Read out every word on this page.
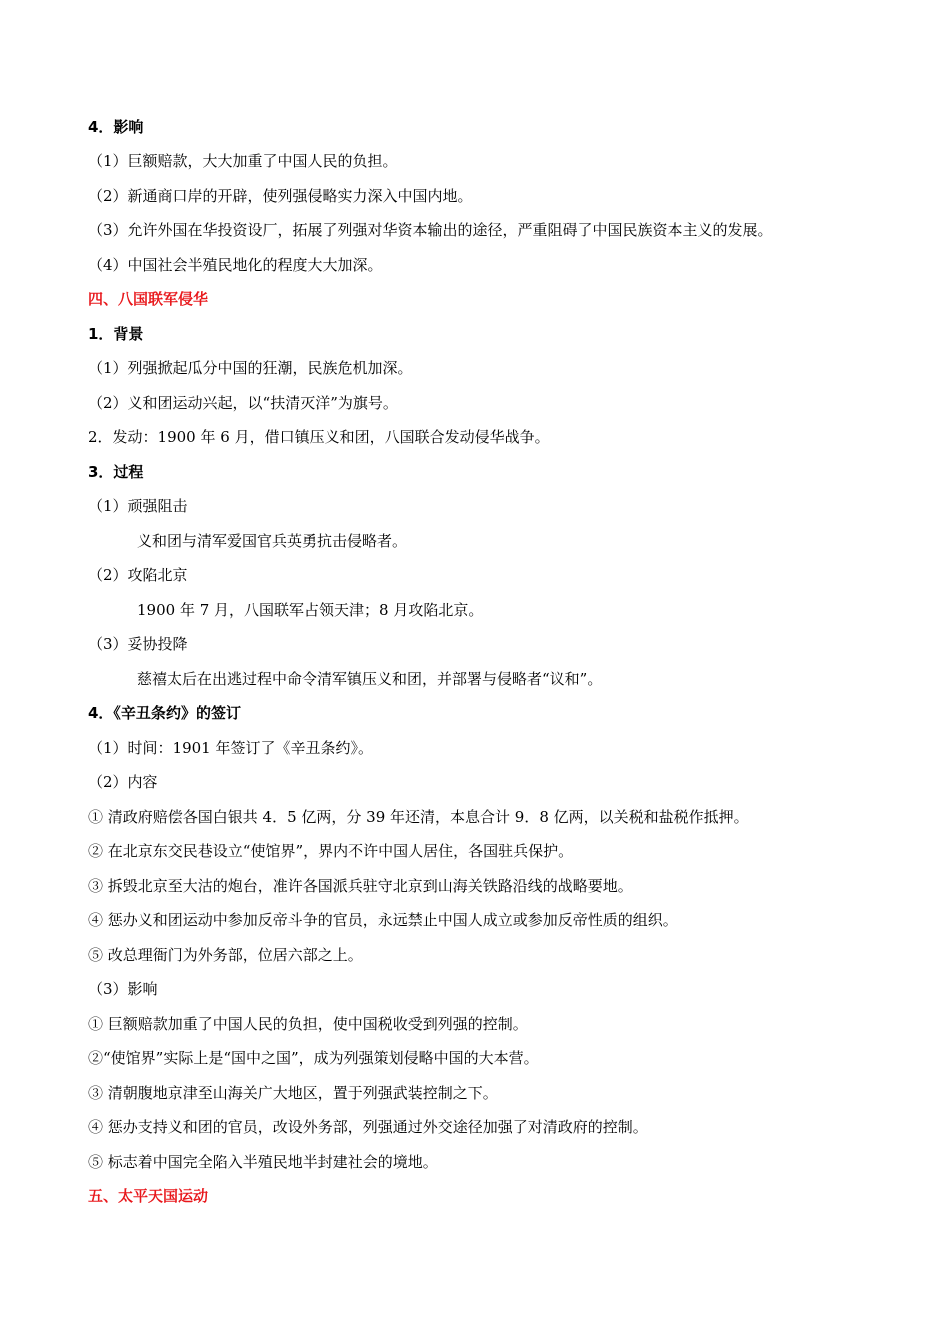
4．影响
（1）巨额赔款，大大加重了中国人民的负担。
（2）新通商口岸的开辟，使列强侵略实力深入中国内地。
（3）允许外国在华投资设厂，拓展了列强对华资本输出的途径，严重阻碍了中国民族资本主义的发展。
（4）中国社会半殖民地化的程度大大加深。
四、八国联军侵华
1．背景
（1）列强掀起瓜分中国的狂潮，民族危机加深。
（2）义和团运动兴起，以“扶清灭洋”为旗号。
2．发动：1900 年 6 月，借口镇压义和团，八国联合发动侵华战争。
3．过程
（1）顽强阻击
义和团与清军爱国官兵英勇抗击侵略者。
（2）攻陷北京
1900 年 7 月，八国联军占领天津；8 月攻陷北京。
（3）妥协投降
慈禧太后在出逃过程中命令清军镇压义和团，并部署与侵略者“议和”。
4．《辛丑条约》的签订
（1）时间：1901 年签订了《辛丑条约》。
（2）内容
① 清政府赔偿各国白银共 4．5 亿两，分 39 年还清，本息合计 9．8 亿两，以关税和盐税作抵押。
② 在北京东交民巷设立“使馆界”，界内不许中国人居住，各国驻兵保护。
③ 拆毁北京至大沽的炮台，准许各国派兵驻守北京到山海关铁路沿线的战略要地。
④ 惩办义和团运动中参加反帝斗争的官员，永远禁止中国人成立或参加反帝性质的组织。
⑤ 改总理衙门为外务部，位居六部之上。
（3）影响
① 巨额赔款加重了中国人民的负担，使中国税收受到列强的控制。
②“使馆界”实际上是“国中之国”，成为列强策划侵略中国的大本营。
③ 清朝腹地京津至山海关广大地区，置于列强武装控制之下。
④ 惩办支持义和团的官员，改设外务部，列强通过外交途径加强了对清政府的控制。
⑤ 标志着中国完全陷入半殖民地半封建社会的境地。
五、太平天国运动
